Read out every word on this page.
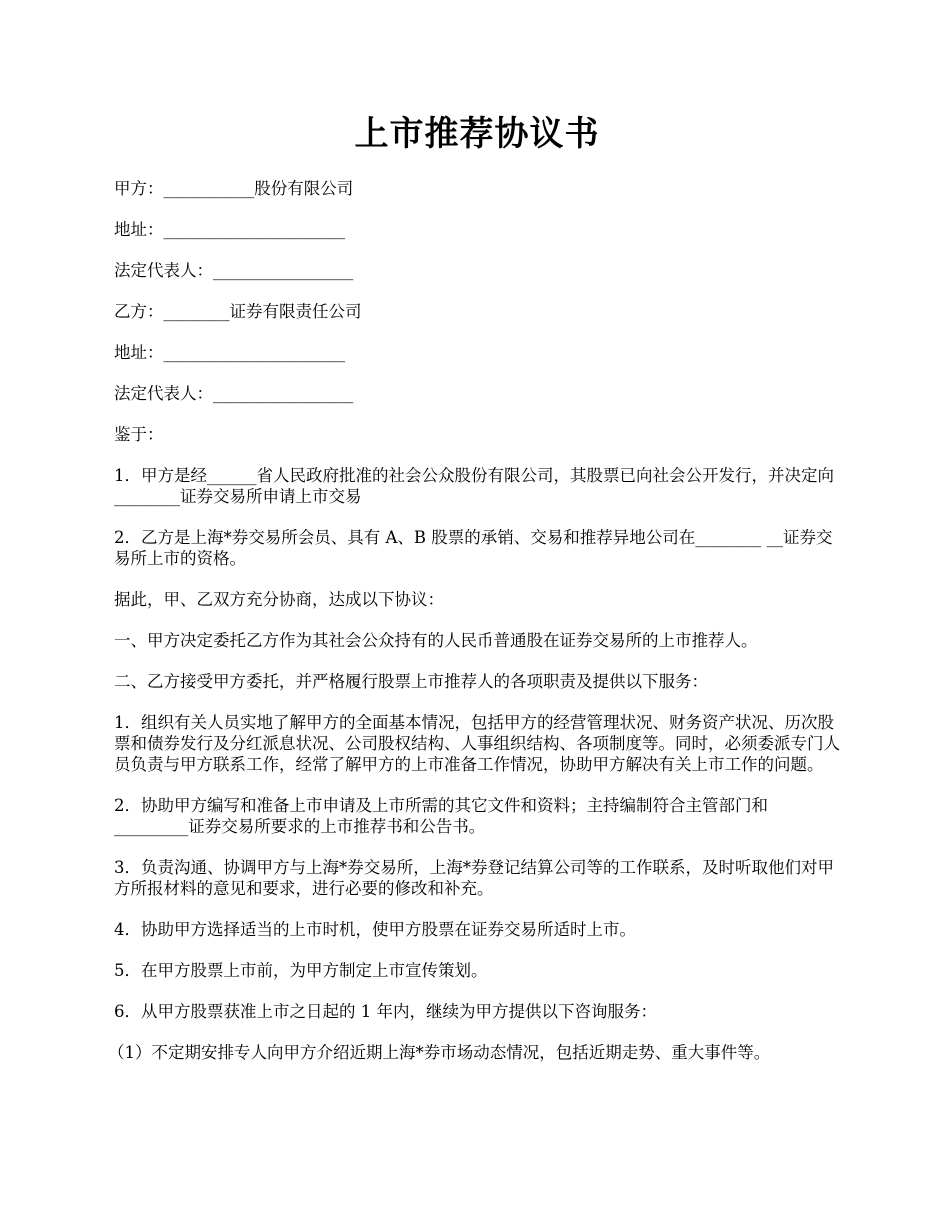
上市推荐协议书

甲方：___________股份有限公司

地址：______________________

法定代表人：_________________

乙方：________证券有限责任公司

地址：______________________

法定代表人：_________________

鉴于：

1．甲方是经______省人民政府批准的社会公众股份有限公司，其股票已向社会公开发行，并决定向________证券交易所申请上市交易

2．乙方是上海*券交易所会员、具有 A、B 股票的承销、交易和推荐异地公司在________ __证券交易所上市的资格。

据此，甲、乙双方充分协商，达成以下协议：

一、甲方决定委托乙方作为其社会公众持有的人民币普通股在证券交易所的上市推荐人。

二、乙方接受甲方委托，并严格履行股票上市推荐人的各项职责及提供以下服务：

1．组织有关人员实地了解甲方的全面基本情况，包括甲方的经营管理状况、财务资产状况、历次股票和债券发行及分红派息状况、公司股权结构、人事组织结构、各项制度等。同时，必须委派专门人员负责与甲方联系工作，经常了解甲方的上市准备工作情况，协助甲方解决有关上市工作的问题。

2．协助甲方编写和准备上市申请及上市所需的其它文件和资料；主持编制符合主管部门和_________证券交易所要求的上市推荐书和公告书。

3．负责沟通、协调甲方与上海*券交易所，上海*券登记结算公司等的工作联系，及时听取他们对甲方所报材料的意见和要求，进行必要的修改和补充。

4．协助甲方选择适当的上市时机，使甲方股票在证券交易所适时上市。

5．在甲方股票上市前，为甲方制定上市宣传策划。

6．从甲方股票获准上市之日起的 1 年内，继续为甲方提供以下咨询服务：

（1）不定期安排专人向甲方介绍近期上海*券市场动态情况，包括近期走势、重大事件等。
